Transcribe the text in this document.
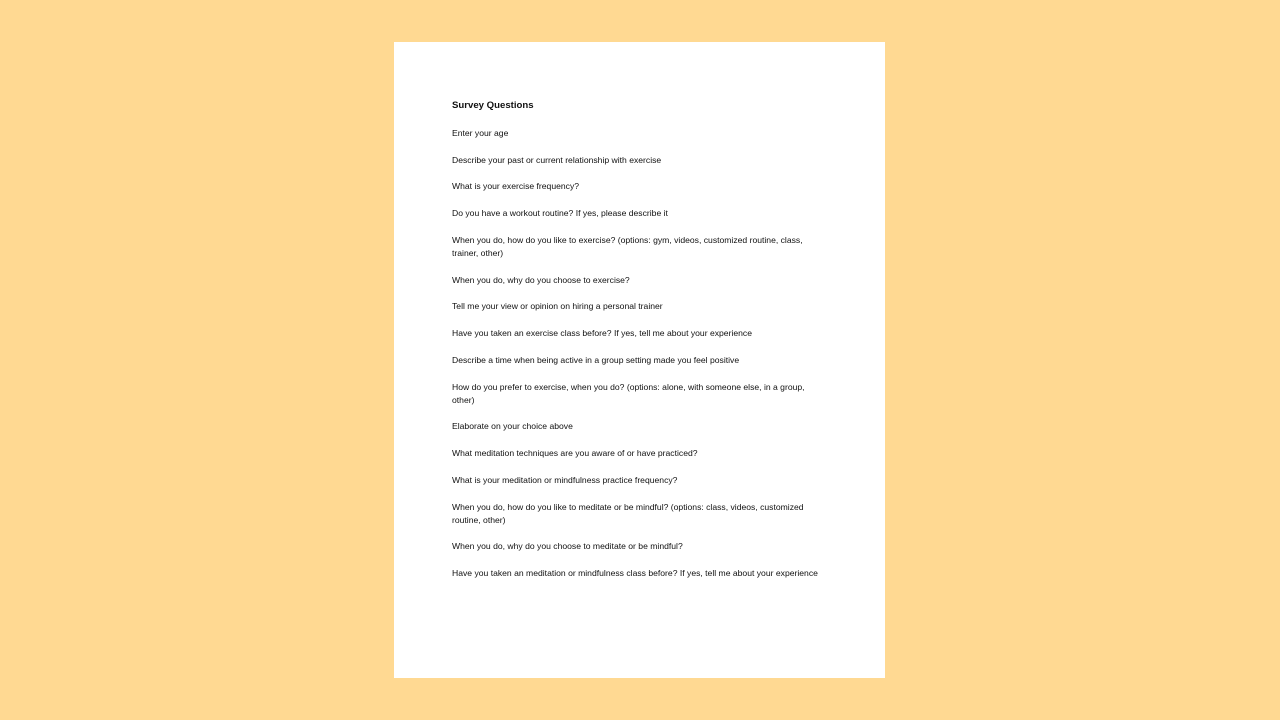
Survey Questions
Enter your age
Describe your past or current relationship with exercise
What is your exercise frequency?
Do you have a workout routine? If yes, please describe it
When you do, how do you like to exercise? (options: gym, videos, customized routine, class, trainer, other)
When you do, why do you choose to exercise?
Tell me your view or opinion on hiring a personal trainer
Have you taken an exercise class before? If yes, tell me about your experience
Describe a time when being active in a group setting made you feel positive
How do you prefer to exercise, when you do? (options: alone, with someone else, in a group, other)
Elaborate on your choice above
What meditation techniques are you aware of or have practiced?
What is your meditation or mindfulness practice frequency?
When you do, how do you like to meditate or be mindful? (options: class, videos, customized routine, other)
When you do, why do you choose to meditate or be mindful?
Have you taken an meditation or mindfulness class before? If yes, tell me about your experience
